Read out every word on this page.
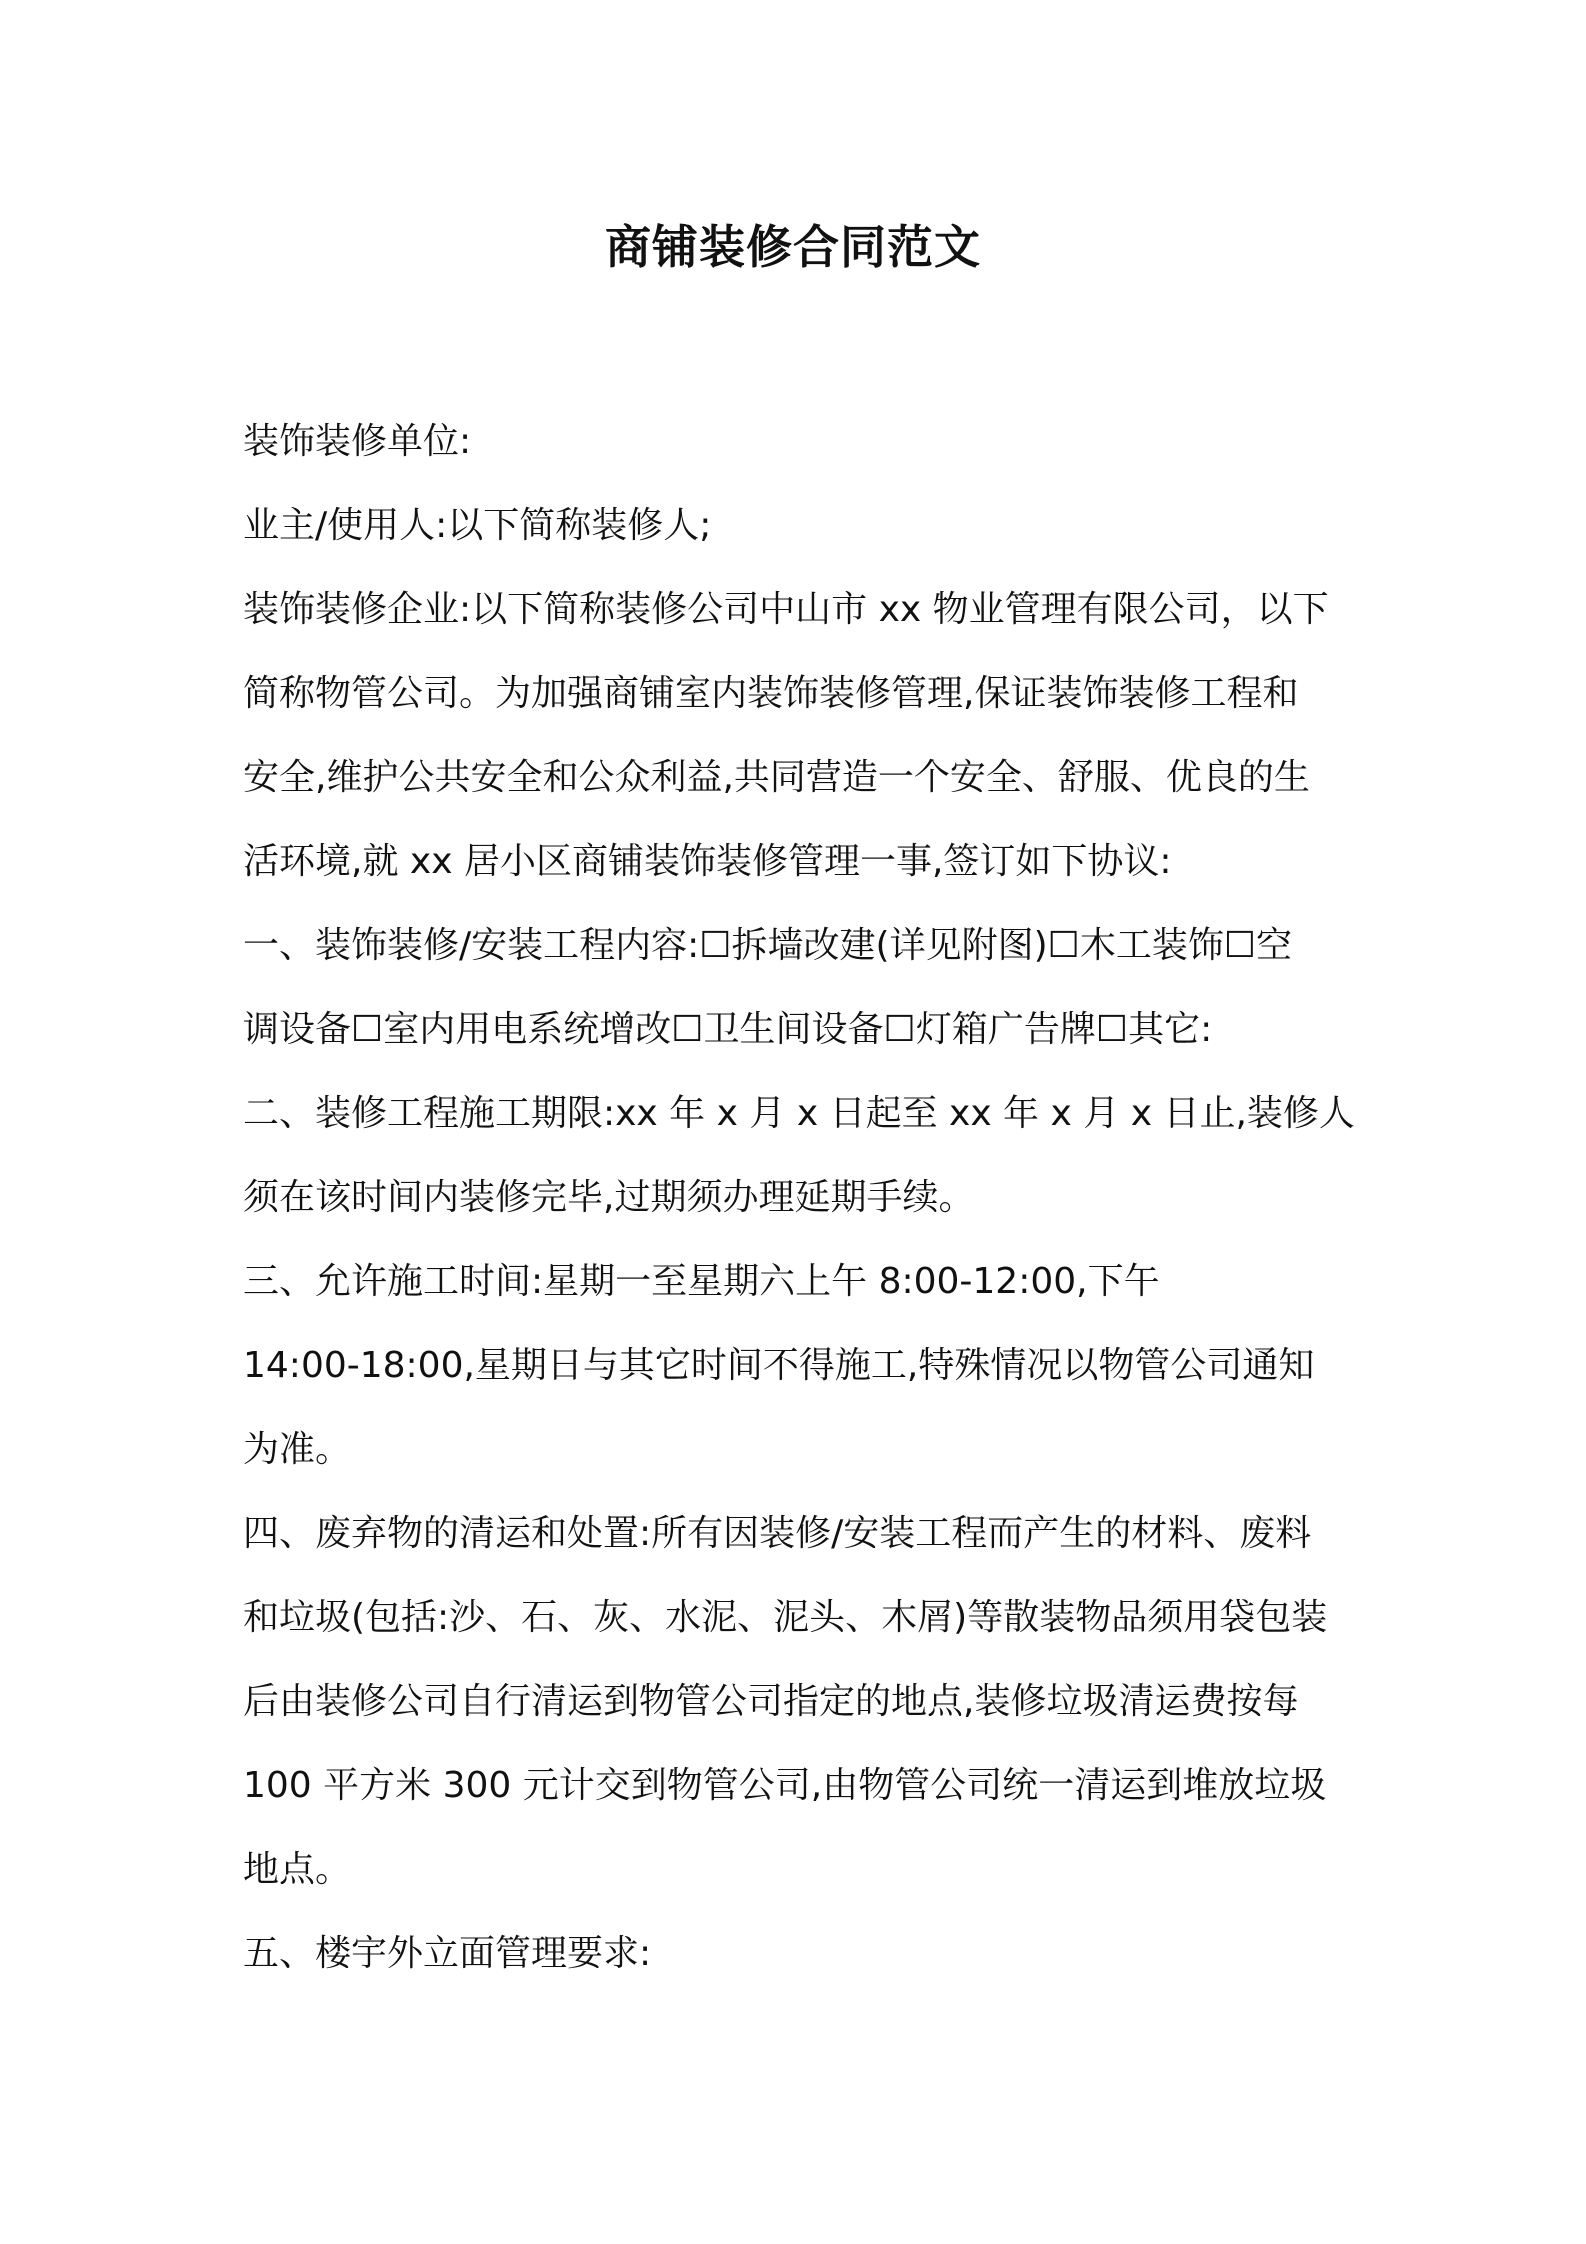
商铺装修合同范文
装饰装修单位:
业主/使用人:以下简称装修人;
装饰装修企业:以下简称装修公司中山市 xx 物业管理有限公司，以下
简称物管公司。为加强商铺室内装饰装修管理,保证装饰装修工程和
安全,维护公共安全和公众利益,共同营造一个安全、舒服、优良的生
活环境,就 xx 居小区商铺装饰装修管理一事,签订如下协议:
一、装饰装修/安装工程内容:☐拆墙改建(详见附图)☐木工装饰☐空
调设备☐室内用电系统增改☐卫生间设备☐灯箱广告牌☐其它:
二、装修工程施工期限:xx 年 x 月 x 日起至 xx 年 x 月 x 日止,装修人
须在该时间内装修完毕,过期须办理延期手续。
三、允许施工时间:星期一至星期六上午 8:00-12:00,下午
14:00-18:00,星期日与其它时间不得施工,特殊情况以物管公司通知
为准。
四、废弃物的清运和处置:所有因装修/安装工程而产生的材料、废料
和垃圾(包括:沙、石、灰、水泥、泥头、木屑)等散装物品须用袋包装
后由装修公司自行清运到物管公司指定的地点,装修垃圾清运费按每
100 平方米 300 元计交到物管公司,由物管公司统一清运到堆放垃圾
地点。
五、楼宇外立面管理要求:
